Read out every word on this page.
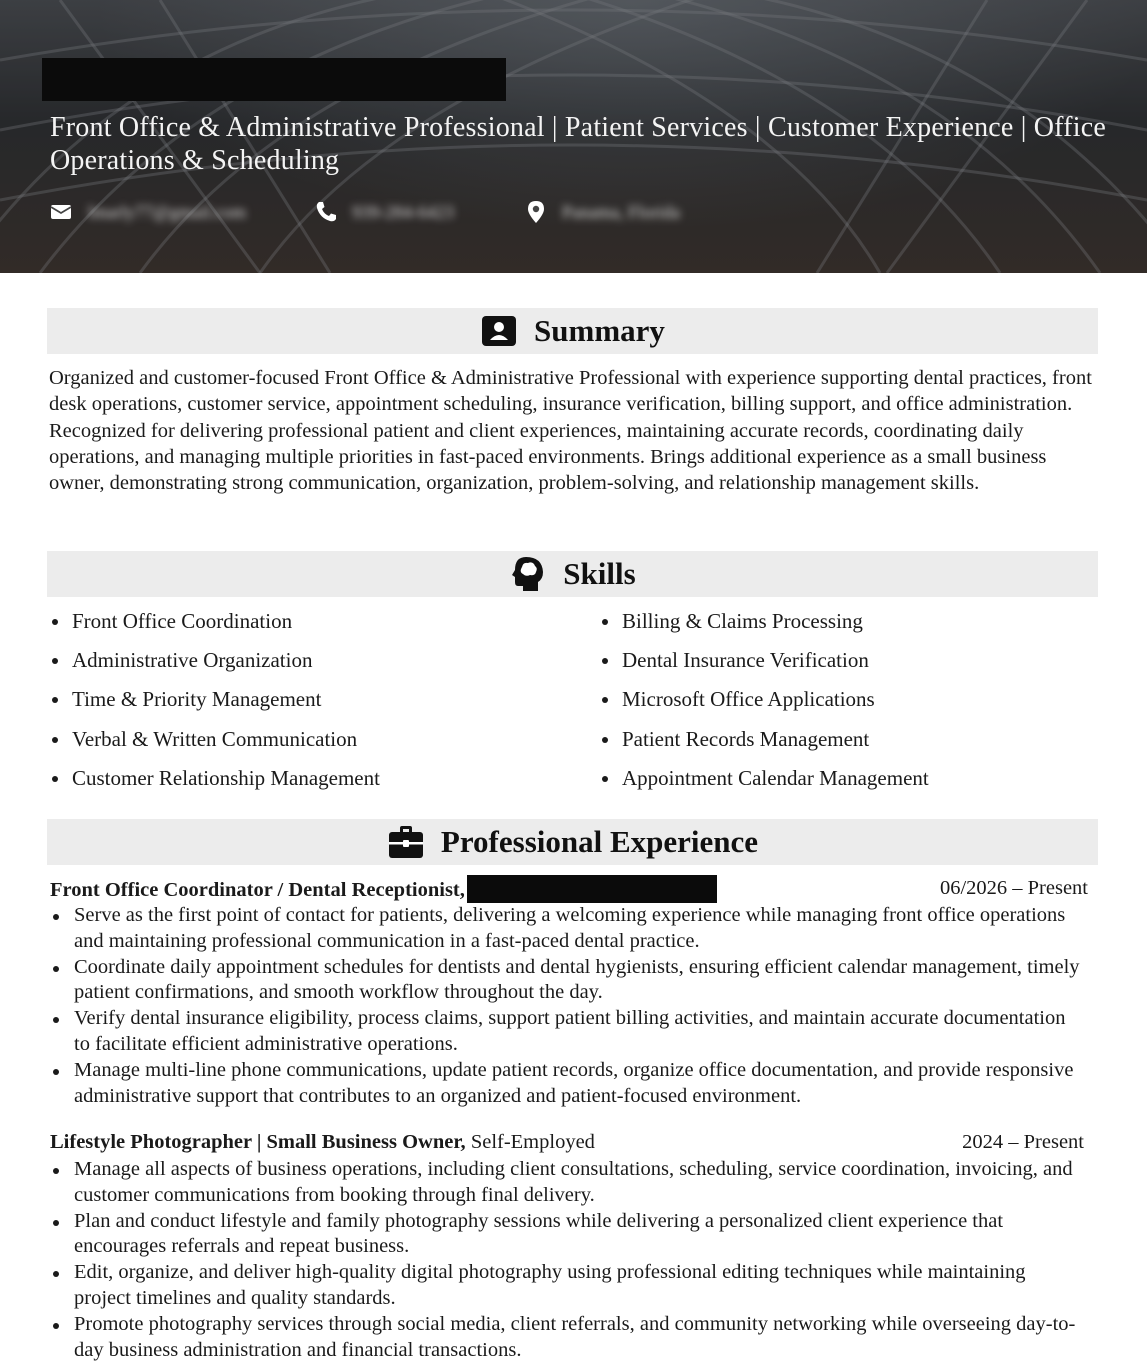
Front Office & Administrative Professional | Patient Services | Customer Experience | Office Operations & Scheduling
lmarly77@gmail.com	939-284-6423	Panama, Florida
Summary
Organized and customer-focused Front Office & Administrative Professional with experience supporting dental practices, front desk operations, customer service, appointment scheduling, insurance verification, billing support, and office administration. Recognized for delivering professional patient and client experiences, maintaining accurate records, coordinating daily operations, and managing multiple priorities in fast-paced environments. Brings additional experience as a small business owner, demonstrating strong communication, organization, problem-solving, and relationship management skills.
Skills
Front Office Coordination
Administrative Organization
Time & Priority Management
Verbal & Written Communication
Customer Relationship Management
Billing & Claims Processing
Dental Insurance Verification
Microsoft Office Applications
Patient Records Management
Appointment Calendar Management
Professional Experience
Front Office Coordinator / Dental Receptionist,	06/2026 – Present
Serve as the first point of contact for patients, delivering a welcoming experience while managing front office operations and maintaining professional communication in a fast-paced dental practice.
Coordinate daily appointment schedules for dentists and dental hygienists, ensuring efficient calendar management, timely patient confirmations, and smooth workflow throughout the day.
Verify dental insurance eligibility, process claims, support patient billing activities, and maintain accurate documentation to facilitate efficient administrative operations.
Manage multi-line phone communications, update patient records, organize office documentation, and provide responsive administrative support that contributes to an organized and patient-focused environment.
Lifestyle Photographer | Small Business Owner, Self-Employed	2024 – Present
Manage all aspects of business operations, including client consultations, scheduling, service coordination, invoicing, and customer communications from booking through final delivery.
Plan and conduct lifestyle and family photography sessions while delivering a personalized client experience that encourages referrals and repeat business.
Edit, organize, and deliver high-quality digital photography using professional editing techniques while maintaining project timelines and quality standards.
Promote photography services through social media, client referrals, and community networking while overseeing day-to-day business administration and financial transactions.
